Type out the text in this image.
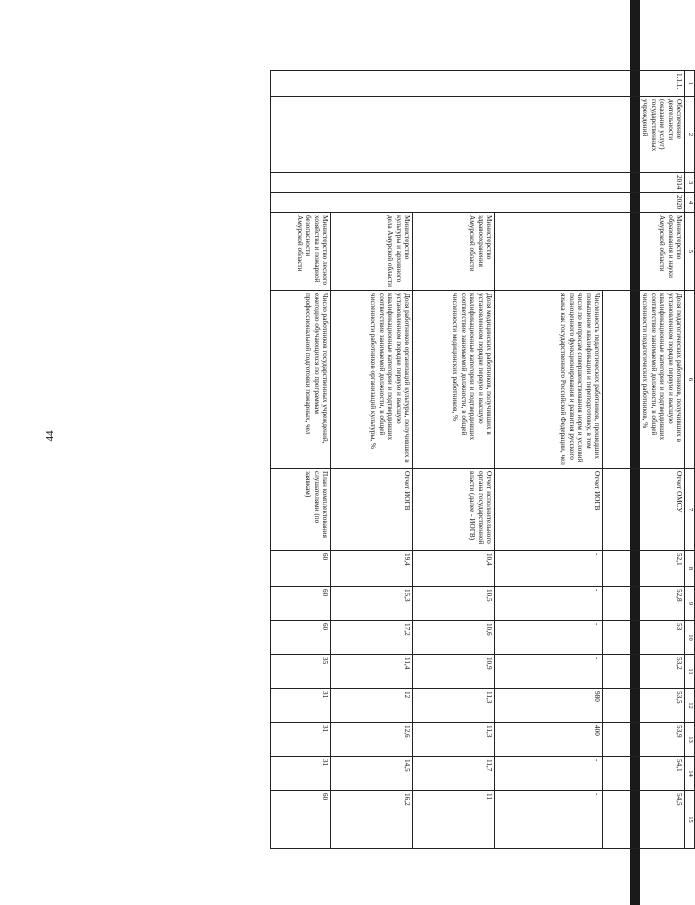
44
1	2	3	4	5	6	7	8	9	10	11	12	13	14	15
1.1.1.	Обеспечение деятельности (оказание услуг) государственных учреждений	2014	2020	Министерство образования и науки Амурской области	Доля педагогических работников, получивших в установленном порядке первую и высшую квалификационные категории и подтвердивших соответствие занимаемой должности, в общей численности педагогических работников, %	Отчет ОМСУ	52,1	52,8	53	53,2	53,5	53,9	54,1	54,5
					Численность педагогических работников, прошедших повышение квалификации и переподготовку, в том числе по вопросам совершенствования норм и условий полноценного функционирования и развития русского языка как государственного Российской Федерации, чел	Отчет ИОГВ	-	-	-	-	980	400	-	-
				Министерство здравоохранения Амурской области	Доля медицинских работников, получивших в установленном порядке первую и высшую квалификационные категории и подтвердивших соответствие занимаемой должности, в общей численности медицинских работников, %	Отчет исполнительного органа государственной власти (далее - ИОГВ)	10,4	10,5	10,6	10,9	11,3	11,3	11,7	11
				Министерство культуры и архивного дела Амурской области	Доля работников организаций культуры, получивших в установленном порядке первую и высшую квалификационные категории и подтвердивших соответствие занимаемой должности, в общей численности работников организаций культуры, %	Отчет ИОГВ	19,4	15,3	17,2	11,4	12	12,6	14,5	16,2
				Министерство лесного хозяйства и пожарной безопасности Амурской области	Число работников государственных учреждений, ежегодно обучающихся по программам профессиональной подготовки пожарных, чел	План комплектования слушателями (по заявкам)	60	60	60	35	31	31	31	60
